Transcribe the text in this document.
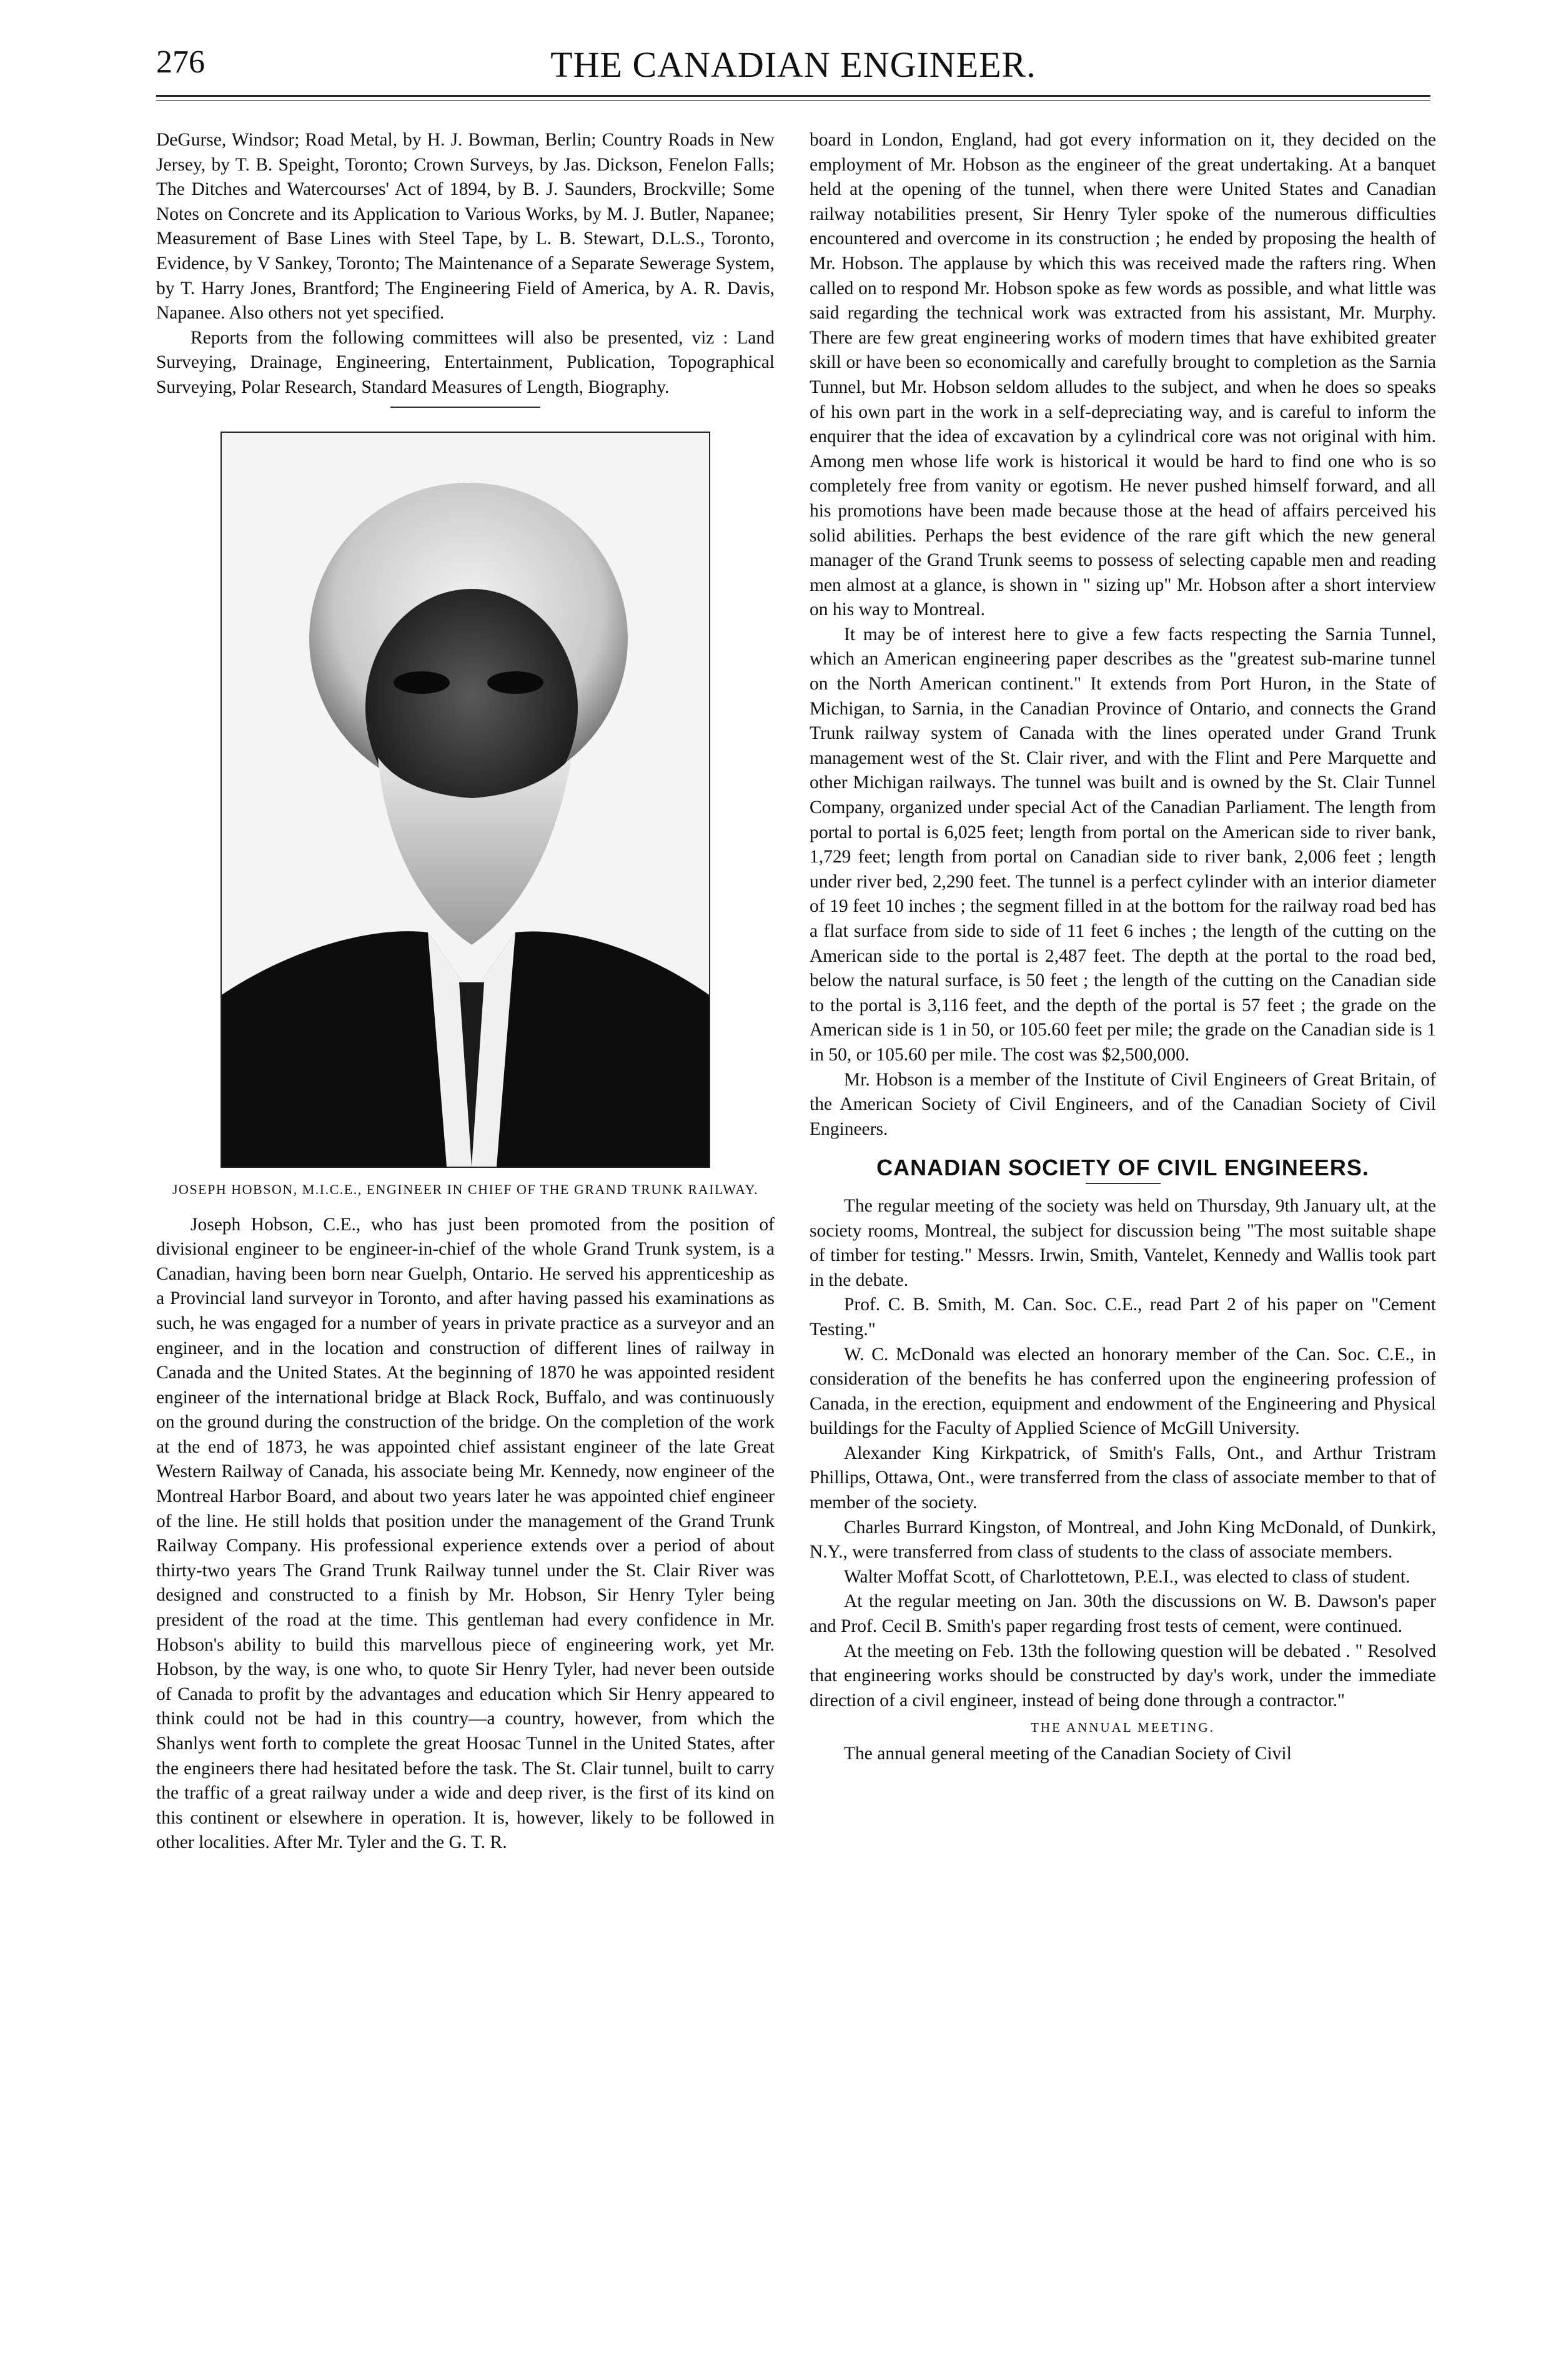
276	THE CANADIAN ENGINEER.

DeGurse, Windsor; Road Metal, by H. J. Bowman, Berlin; Country Roads in New Jersey, by T. B. Speight, Toronto; Crown Surveys, by Jas. Dickson, Fenelon Falls; The Ditches and Watercourses' Act of 1894, by B. J. Saunders, Brockville; Some Notes on Concrete and its Application to Various Works, by M. J. Butler, Napanee; Measurement of Base Lines with Steel Tape, by L. B. Stewart, D.L.S., Toronto, Evidence, by V Sankey, Toronto; The Maintenance of a Separate Sewerage System, by T. Harry Jones, Brantford; The Engineering Field of America, by A. R. Davis, Napanee. Also others not yet specified.

Reports from the following committees will also be presented, viz : Land Surveying, Drainage, Engineering, Entertainment, Publication, Topographical Surveying, Polar Research, Standard Measures of Length, Biography.

JOSEPH HOBSON, M.I.C.E., ENGINEER IN CHIEF OF THE GRAND TRUNK RAILWAY.

Joseph Hobson, C.E., who has just been promoted from the position of divisional engineer to be engineer-in-chief of the whole Grand Trunk system, is a Canadian, having been born near Guelph, Ontario. He served his apprenticeship as a Provincial land surveyor in Toronto, and after having passed his examinations as such, he was engaged for a number of years in private practice as a surveyor and an engineer, and in the location and construction of different lines of railway in Canada and the United States. At the beginning of 1870 he was appointed resident engineer of the international bridge at Black Rock, Buffalo, and was continuously on the ground during the construction of the bridge. On the completion of the work at the end of 1873, he was appointed chief assistant engineer of the late Great Western Railway of Canada, his associate being Mr. Kennedy, now engineer of the Montreal Harbor Board, and about two years later he was appointed chief engineer of the line. He still holds that position under the management of the Grand Trunk Railway Company. His professional experience extends over a period of about thirty-two years The Grand Trunk Railway tunnel under the St. Clair River was designed and constructed to a finish by Mr. Hobson, Sir Henry Tyler being president of the road at the time. This gentleman had every confidence in Mr. Hobson's ability to build this marvellous piece of engineering work, yet Mr. Hobson, by the way, is one who, to quote Sir Henry Tyler, had never been outside of Canada to profit by the advantages and education which Sir Henry appeared to think could not be had in this country—a country, however, from which the Shanlys went forth to complete the great Hoosac Tunnel in the United States, after the engineers there had hesitated before the task. The St. Clair tunnel, built to carry the traffic of a great railway under a wide and deep river, is the first of its kind on this continent or elsewhere in operation. It is, however, likely to be followed in other localities. After Mr. Tyler and the G. T. R.

board in London, England, had got every information on it, they decided on the employment of Mr. Hobson as the engineer of the great undertaking. At a banquet held at the opening of the tunnel, when there were United States and Canadian railway notabilities present, Sir Henry Tyler spoke of the numerous difficulties encountered and overcome in its construction ; he ended by proposing the health of Mr. Hobson. The applause by which this was received made the rafters ring. When called on to respond Mr. Hobson spoke as few words as possible, and what little was said regarding the technical work was extracted from his assistant, Mr. Murphy. There are few great engineering works of modern times that have exhibited greater skill or have been so economically and carefully brought to completion as the Sarnia Tunnel, but Mr. Hobson seldom alludes to the subject, and when he does so speaks of his own part in the work in a self-depreciating way, and is careful to inform the enquirer that the idea of excavation by a cylindrical core was not original with him. Among men whose life work is historical it would be hard to find one who is so completely free from vanity or egotism. He never pushed himself forward, and all his promotions have been made because those at the head of affairs perceived his solid abilities. Perhaps the best evidence of the rare gift which the new general manager of the Grand Trunk seems to possess of selecting capable men and reading men almost at a glance, is shown in " sizing up" Mr. Hobson after a short interview on his way to Montreal.

It may be of interest here to give a few facts respecting the Sarnia Tunnel, which an American engineering paper describes as the "greatest sub-marine tunnel on the North American continent." It extends from Port Huron, in the State of Michigan, to Sarnia, in the Canadian Province of Ontario, and connects the Grand Trunk railway system of Canada with the lines operated under Grand Trunk management west of the St. Clair river, and with the Flint and Pere Marquette and other Michigan railways. The tunnel was built and is owned by the St. Clair Tunnel Company, organized under special Act of the Canadian Parliament. The length from portal to portal is 6,025 feet; length from portal on the American side to river bank, 1,729 feet; length from portal on Canadian side to river bank, 2,006 feet ; length under river bed, 2,290 feet. The tunnel is a perfect cylinder with an interior diameter of 19 feet 10 inches ; the segment filled in at the bottom for the railway road bed has a flat surface from side to side of 11 feet 6 inches ; the length of the cutting on the American side to the portal is 2,487 feet. The depth at the portal to the road bed, below the natural surface, is 50 feet ; the length of the cutting on the Canadian side to the portal is 3,116 feet, and the depth of the portal is 57 feet ; the grade on the American side is 1 in 50, or 105.60 feet per mile; the grade on the Canadian side is 1 in 50, or 105.60 per mile. The cost was $2,500,000.

Mr. Hobson is a member of the Institute of Civil Engineers of Great Britain, of the American Society of Civil Engineers, and of the Canadian Society of Civil Engineers.

CANADIAN SOCIETY OF CIVIL ENGINEERS.

The regular meeting of the society was held on Thursday, 9th January ult, at the society rooms, Montreal, the subject for discussion being "The most suitable shape of timber for testing." Messrs. Irwin, Smith, Vantelet, Kennedy and Wallis took part in the debate.

Prof. C. B. Smith, M. Can. Soc. C.E., read Part 2 of his paper on "Cement Testing."

W. C. McDonald was elected an honorary member of the Can. Soc. C.E., in consideration of the benefits he has conferred upon the engineering profession of Canada, in the erection, equipment and endowment of the Engineering and Physical buildings for the Faculty of Applied Science of McGill University.

Alexander King Kirkpatrick, of Smith's Falls, Ont., and Arthur Tristram Phillips, Ottawa, Ont., were transferred from the class of associate member to that of member of the society.

Charles Burrard Kingston, of Montreal, and John King McDonald, of Dunkirk, N.Y., were transferred from class of students to the class of associate members.

Walter Moffat Scott, of Charlottetown, P.E.I., was elected to class of student.

At the regular meeting on Jan. 30th the discussions on W. B. Dawson's paper and Prof. Cecil B. Smith's paper regarding frost tests of cement, were continued.

At the meeting on Feb. 13th the following question will be debated . " Resolved that engineering works should be constructed by day's work, under the immediate direction of a civil engineer, instead of being done through a contractor."

THE ANNUAL MEETING.

The annual general meeting of the Canadian Society of Civil
